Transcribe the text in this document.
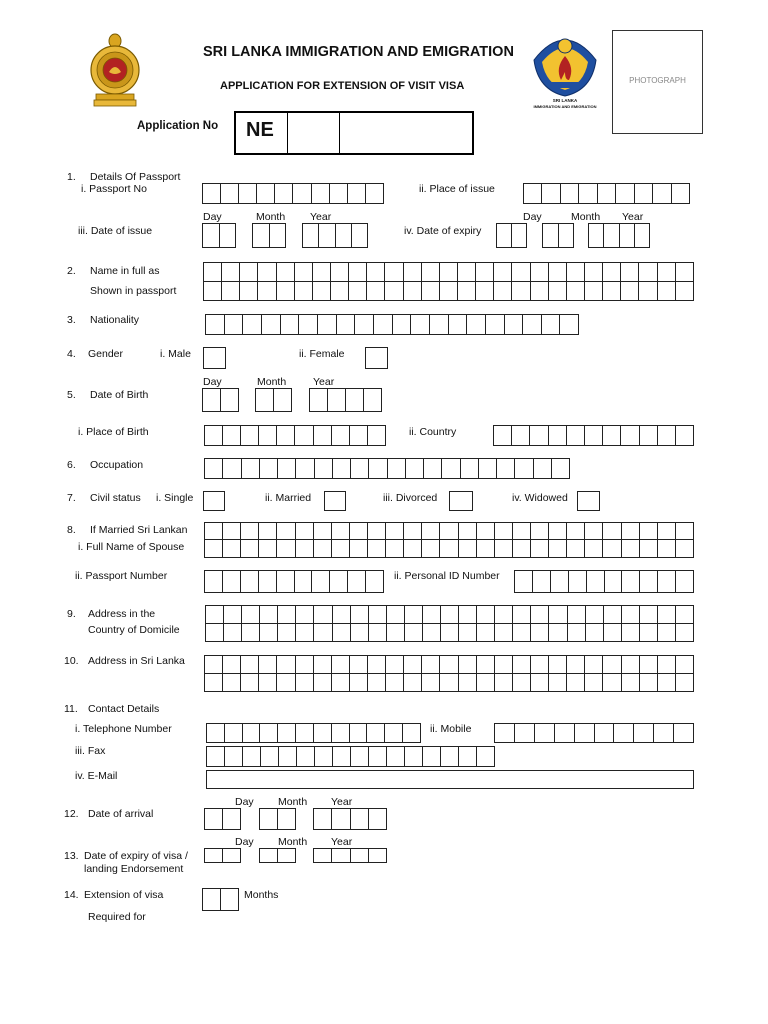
SRI LANKA
IMMIGRATION AND EMIGRATION
SRI LANKA IMMIGRATION AND EMIGRATION
APPLICATION FOR EXTENSION OF VISIT VISA	PHOTOGRAPH
Application No	NE
1. Details Of Passport
i. Passport No	ii. Place of issue
Day	Month Year
iii. Date of issue
Day	Month Year
iv. Date of expiry
2. Name in full as
Shown in passport
3. Nationality
4. Gender	i. Male	ii. Female
Day	Month	Year
5. Date of Birth
i. Place of Birth	ii. Country
6. Occupation
7. Civil status i. Single	ii. Married	iii. Divorced	iv. Widowed
8. If Married Sri Lankan
i. Full Name of Spouse
ii. Passport Number	ii. Personal ID Number
9. Address in the
Country of Domicile
10. Address in Sri Lanka
11. Contact Details
i. Telephone Number	ii. Mobile
iii. Fax
iv. E-Mail
Day Month Year
12. Date of arrival
Day Month Year
13. Date of expiry of visa /
landing Endorsement
14. Extension of visa
Required for
Months
